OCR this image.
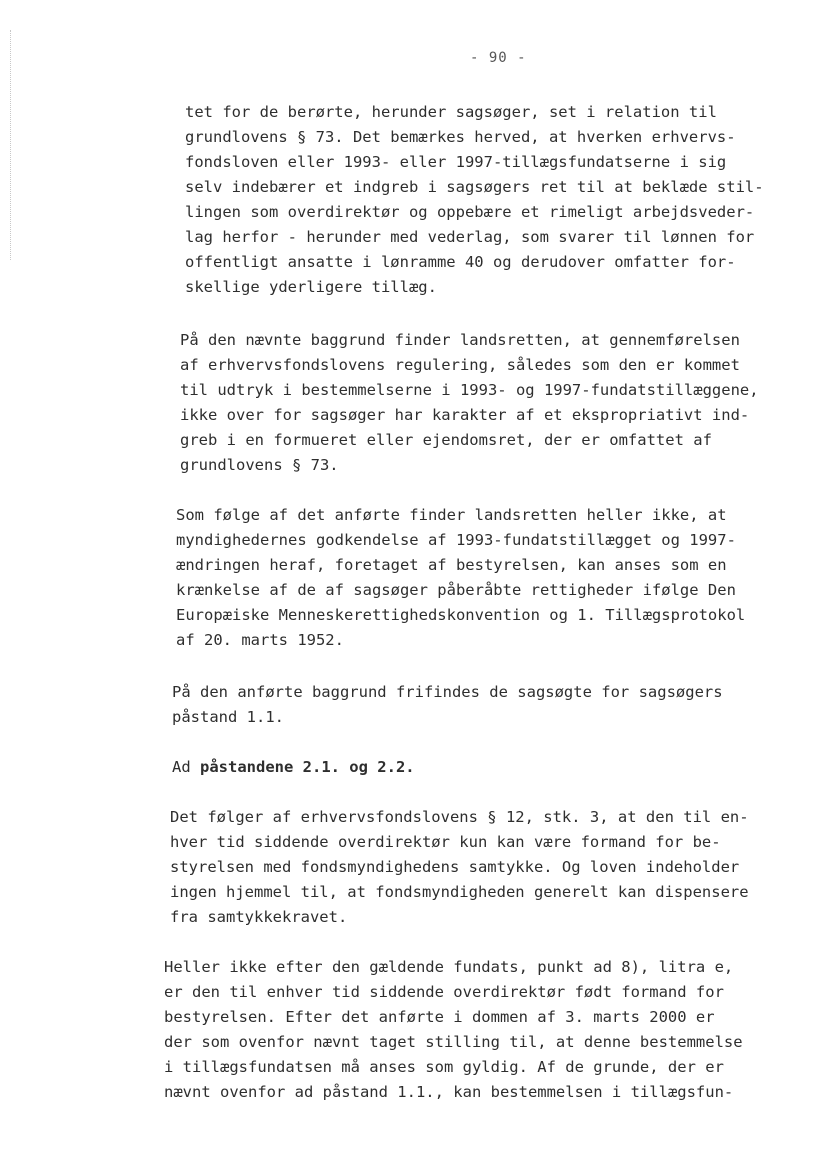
- 90 -
tet for de berørte, herunder sagsøger, set i relation til
grundlovens § 73. Det bemærkes herved, at hverken erhvervs-
fondsloven eller 1993- eller 1997-tillægsfundatserne i sig
selv indebærer et indgreb i sagsøgers ret til at beklæde stil-
lingen som overdirektør og oppebære et rimeligt arbejdsveder-
lag herfor - herunder med vederlag, som svarer til lønnen for
offentligt ansatte i lønramme 40 og derudover omfatter for-
skellige yderligere tillæg.
På den nævnte baggrund finder landsretten, at gennemførelsen
af erhvervsfondslovens regulering, således som den er kommet
til udtryk i bestemmelserne i 1993- og 1997-fundatstillæggene,
ikke over for sagsøger har karakter af et ekspropriativt ind-
greb i en formueret eller ejendomsret, der er omfattet af
grundlovens § 73.
Som følge af det anførte finder landsretten heller ikke, at
myndighedernes godkendelse af 1993-fundatstillægget og 1997-
ændringen heraf, foretaget af bestyrelsen, kan anses som en
krænkelse af de af sagsøger påberåbte rettigheder ifølge Den
Europæiske Menneskerettighedskonvention og 1. Tillægsprotokol
af 20. marts 1952.
På den anførte baggrund frifindes de sagsøgte for sagsøgers
påstand 1.1.
Ad påstandene 2.1. og 2.2.
Det følger af erhvervsfondslovens § 12, stk. 3, at den til en-
hver tid siddende overdirektør kun kan være formand for be-
styrelsen med fondsmyndighedens samtykke. Og loven indeholder
ingen hjemmel til, at fondsmyndigheden generelt kan dispensere
fra samtykkekravet.
Heller ikke efter den gældende fundats, punkt ad 8), litra e,
er den til enhver tid siddende overdirektør født formand for
bestyrelsen. Efter det anførte i dommen af 3. marts 2000 er
der som ovenfor nævnt taget stilling til, at denne bestemmelse
i tillægsfundatsen må anses som gyldig. Af de grunde, der er
nævnt ovenfor ad påstand 1.1., kan bestemmelsen i tillægsfun-
